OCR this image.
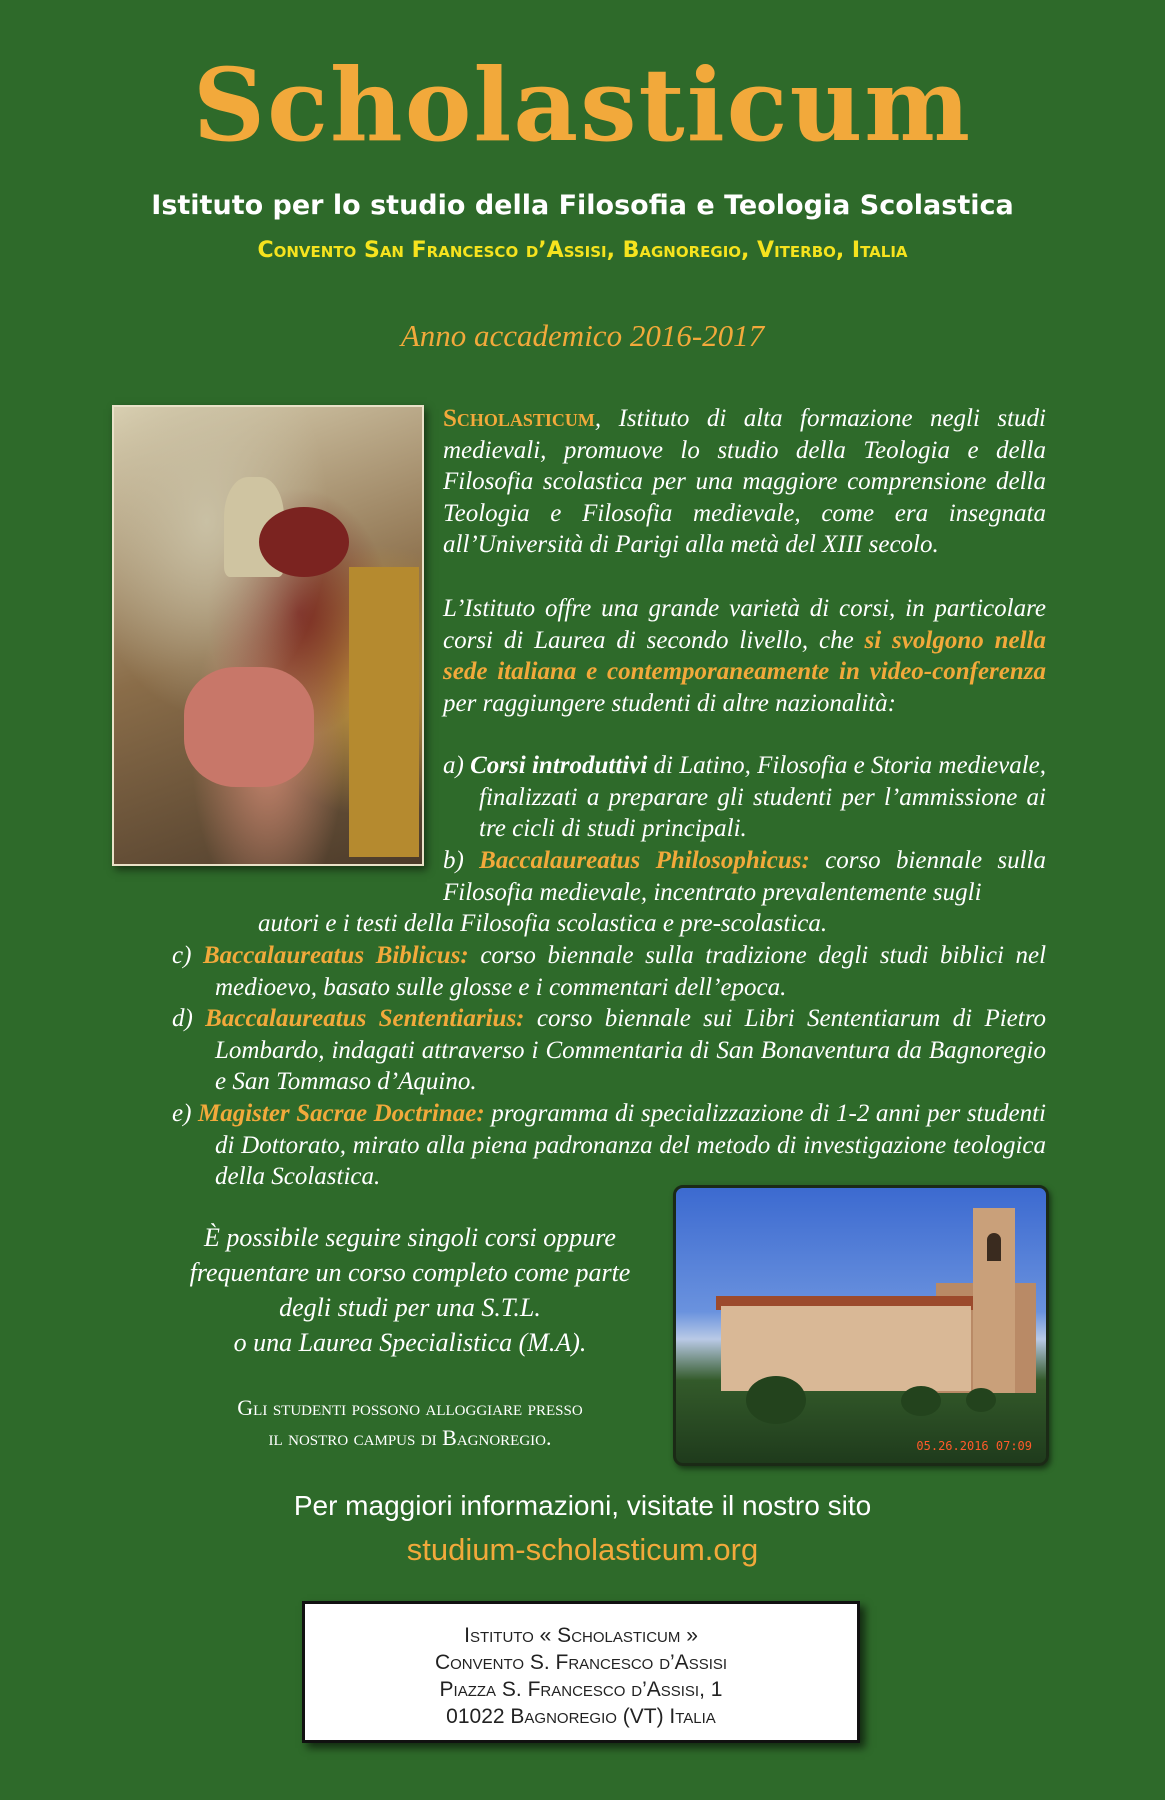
Scholasticum
Istituto per lo studio della Filosofia e Teologia Scolastica
Convento San Francesco d’Assisi, Bagnoregio, Viterbo, Italia
Anno accademico 2016-2017
Scholasticum, Istituto di alta formazione negli studi medievali, promuove lo studio della Teologia e della Filosofia scolastica per una maggiore comprensione della Teologia e Filosofia medievale, come era insegnata all’Università di Parigi alla metà del XIII secolo.
L’Istituto offre una grande varietà di corsi, in particolare corsi di Laurea di secondo livello, che si svolgono nella sede italiana e contemporaneamente in video-conferenza per raggiungere studenti di altre nazionalità:
a) Corsi introduttivi di Latino, Filosofia e Storia medievale, finalizzati a preparare gli studenti per l’ammissione ai tre cicli di studi principali.
b) Baccalaureatus Philosophicus: corso biennale sulla Filosofia medievale, incentrato prevalentemente sugli
autori e i testi della Filosofia scolastica e pre-scolastica.
c) Baccalaureatus Biblicus: corso biennale sulla tradizione degli studi biblici nel medioevo, basato sulle glosse e i commentari dell’epoca.
d) Baccalaureatus Sententiarius: corso biennale sui Libri Sententiarum di Pietro Lombardo, indagati attraverso i Commentaria di San Bonaventura da Bagnoregio e San Tommaso d’Aquino.
e) Magister Sacrae Doctrinae: programma di specializzazione di 1-2 anni per studenti di Dottorato, mirato alla piena padronanza del metodo di investigazione teologica della Scolastica.
05.26.2016 07:09
È possibile seguire singoli corsi oppure
frequentare un corso completo come parte
degli studi per una S.T.L.
o una Laurea Specialistica (M.A).
Gli studenti possono alloggiare presso
il nostro campus di Bagnoregio.
Per maggiori informazioni, visitate il nostro sito
studium-scholasticum.org
Istituto « Scholasticum »
Convento S. Francesco d’Assisi
Piazza S. Francesco d’Assisi, 1
01022 Bagnoregio (VT) Italia
